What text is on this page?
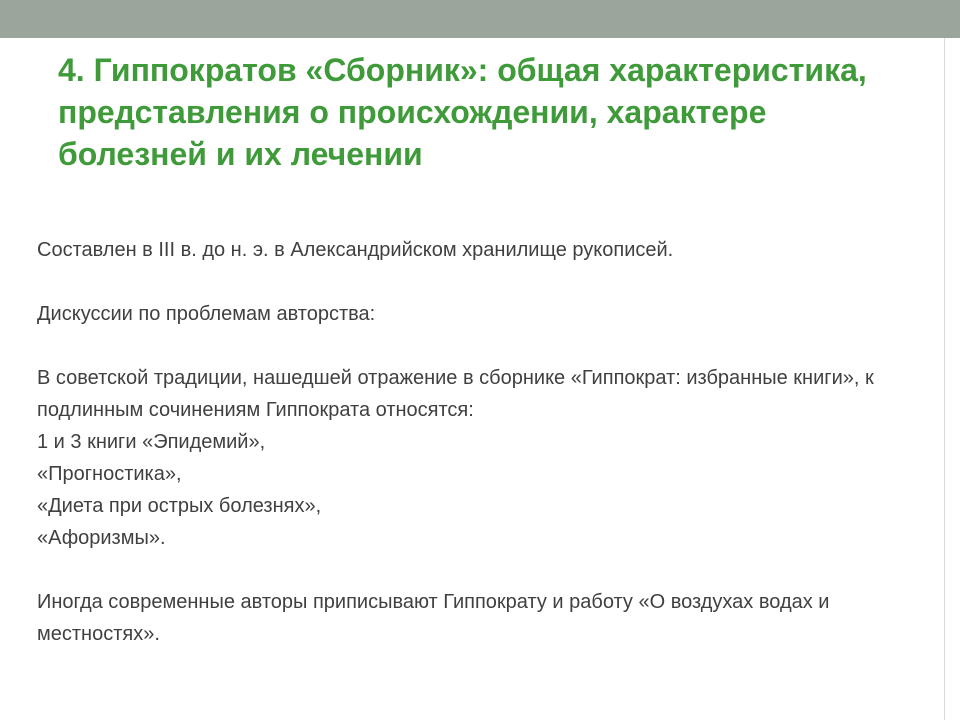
4. Гиппократов «Сборник»: общая характеристика, представления о происхождении, характере болезней и их лечении

Составлен в III в. до н. э. в Александрийском хранилище рукописей.

Дискуссии по проблемам авторства:

В советской традиции, нашедшей отражение в сборнике «Гиппократ: избранные книги», к подлинным сочинениям Гиппократа относятся:

1 и 3 книги «Эпидемий»,

«Прогностика»,

«Диета при острых болезнях»,

«Афоризмы».

Иногда современные авторы приписывают Гиппократу и работу «О воздухах водах и местностях».
